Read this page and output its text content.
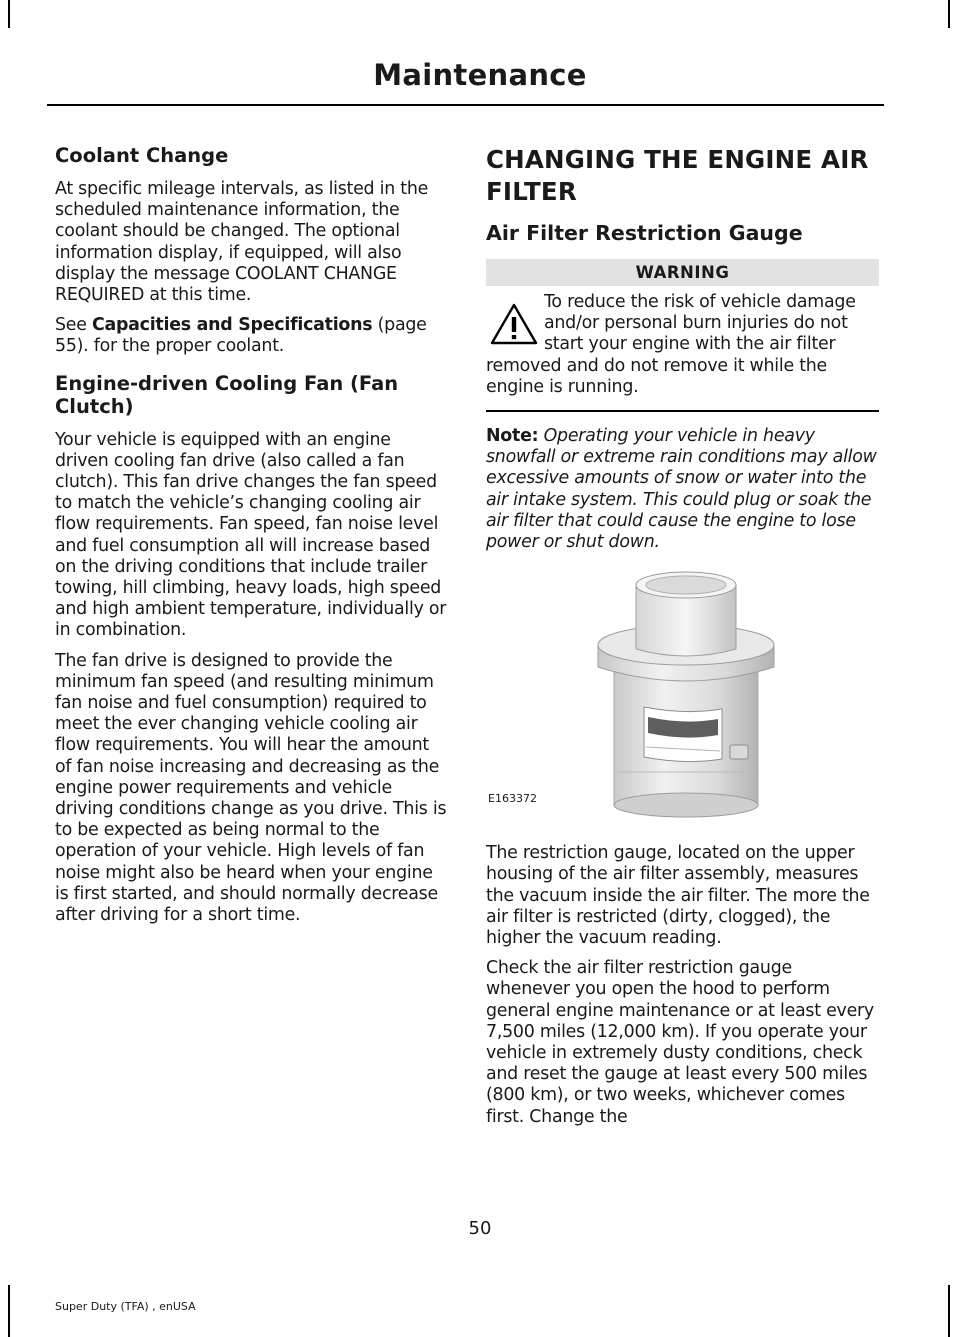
Maintenance
Coolant Change

At specific mileage intervals, as listed in the scheduled maintenance information, the coolant should be changed. The optional information display, if equipped, will also display the message COOLANT CHANGE REQUIRED at this time.

See Capacities and Specifications (page 55). for the proper coolant.

Engine-driven Cooling Fan (Fan Clutch)

Your vehicle is equipped with an engine driven cooling fan drive (also called a fan clutch). This fan drive changes the fan speed to match the vehicle’s changing cooling air flow requirements. Fan speed, fan noise level and fuel consumption all will increase based on the driving conditions that include trailer towing, hill climbing, heavy loads, high speed and high ambient temperature, individually or in combination.

The fan drive is designed to provide the minimum fan speed (and resulting minimum fan noise and fuel consumption) required to meet the ever changing vehicle cooling air flow requirements. You will hear the amount of fan noise increasing and decreasing as the engine power requirements and vehicle driving conditions change as you drive. This is to be expected as being normal to the operation of your vehicle. High levels of fan noise might also be heard when your engine is first started, and should normally decrease after driving for a short time.

CHANGING THE ENGINE AIR FILTER
Air Filter Restriction Gauge
WARNING

To reduce the risk of vehicle damage and/or personal burn injuries do not start your engine with the air filter removed and do not remove it while the engine is running.

Note: Operating your vehicle in heavy snowfall or extreme rain conditions may allow excessive amounts of snow or water into the air intake system. This could plug or soak the air filter that could cause the engine to lose power or shut down.

E163372

The restriction gauge, located on the upper housing of the air filter assembly, measures the vacuum inside the air filter. The more the air filter is restricted (dirty, clogged), the higher the vacuum reading.

Check the air filter restriction gauge whenever you open the hood to perform general engine maintenance or at least every 7,500 miles (12,000 km). If you operate your vehicle in extremely dusty conditions, check and reset the gauge at least every 500 miles (800 km), or two weeks, whichever comes first. Change the

50
Super Duty (TFA) , enUSA
